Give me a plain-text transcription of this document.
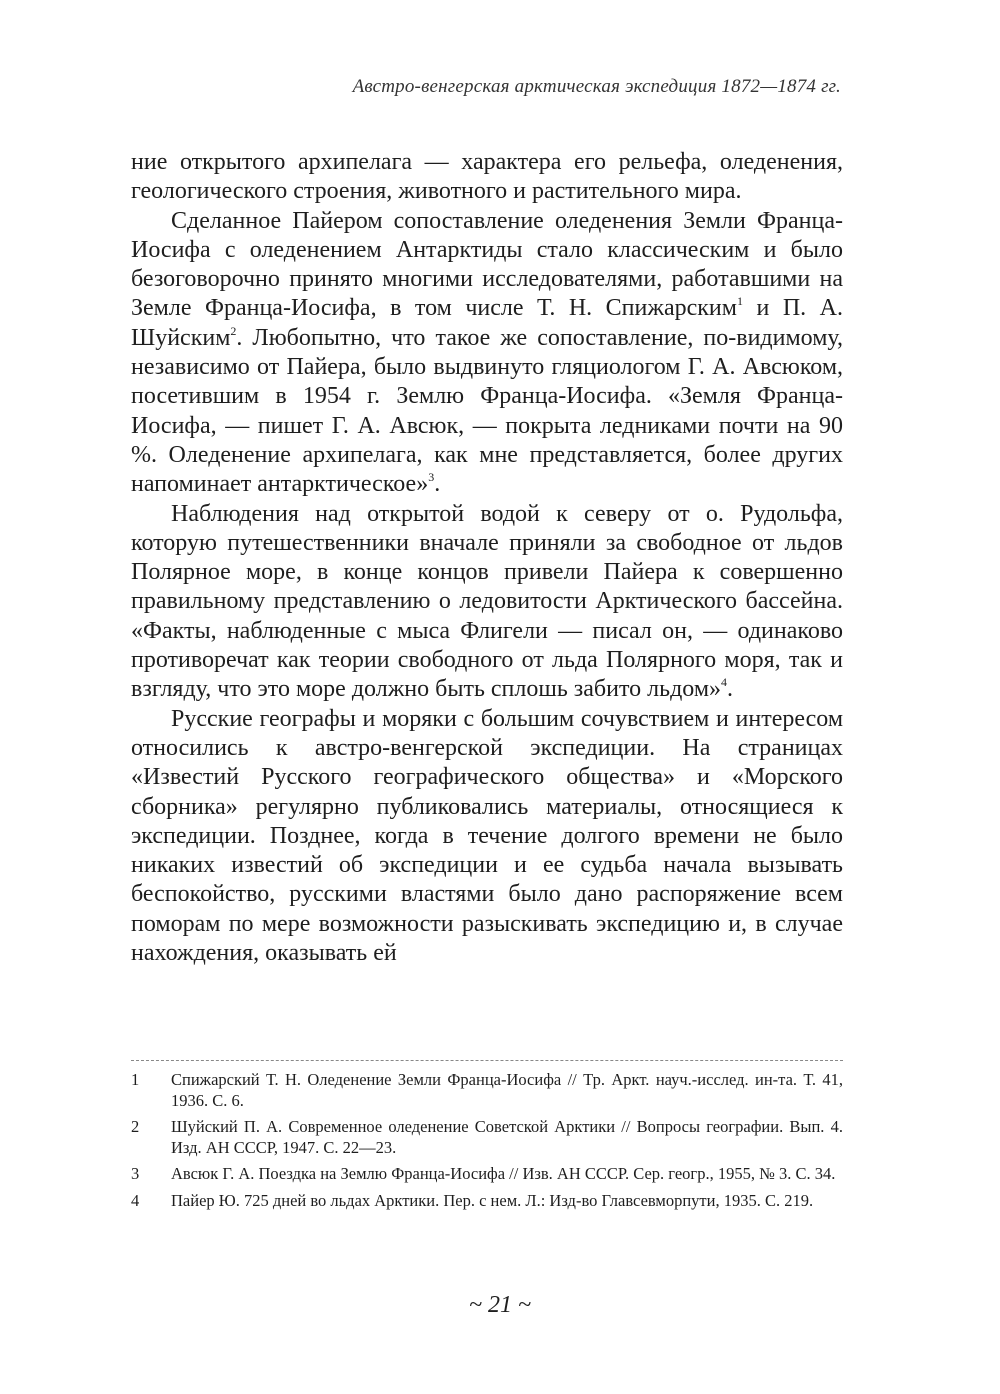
Австро-венгерская арктическая экспедиция 1872—1874 гг.

ние открытого архипелага — характера его рельефа, оледенения, геологического строения, животного и растительного мира.

Сделанное Пайером сопоставление оледенения Земли Франца-Иосифа с оледенением Антарктиды стало классическим и было безоговорочно принято многими исследователями, работавшими на Земле Франца-Иосифа, в том числе Т. Н. Спижарским$^1$ и П. А. Шуйским$^2$. Любопытно, что такое же сопоставление, по-видимому, независимо от Пайера, было выдвинуто гляциологом Г. А. Авсюком, посетившим в 1954 г. Землю Франца-Иосифа. «Земля Франца-Иосифа, — пишет Г. А. Авсюк, — покрыта ледниками почти на 90 %. Оледенение архипелага, как мне представляется, более других напоминает антарктическое»$^3$.

Наблюдения над открытой водой к северу от о. Рудольфа, которую путешественники вначале приняли за свободное от льдов Полярное море, в конце концов привели Пайера к совершенно правильному представлению о ледовитости Арктического бассейна. «Факты, наблюденные с мыса Флигели — писал он, — одинаково противоречат как теории свободного от льда Полярного моря, так и взгляду, что это море должно быть сплошь забито льдом»$^4$.

Русские географы и моряки с большим сочувствием и интересом относились к австро-венгерской экспедиции. На страницах «Известий Русского географического общества» и «Морского сборника» регулярно публиковались материалы, относящиеся к экспедиции. Позднее, когда в течение долгого времени не было никаких известий об экспедиции и ее судьба начала вызывать беспокойство, русскими властями было дано распоряжение всем поморам по мере возможности разыскивать экспедицию и, в случае нахождения, оказывать ей

1	Спижарский Т. Н. Оледенение Земли Франца-Иосифа // Тр. Аркт. науч.-исслед. ин-та. Т. 41, 1936. С. 6.
2	Шуйский П. А. Современное оледенение Советской Арктики // Вопросы географии. Вып. 4. Изд. АН СССР, 1947. С. 22—23.
3	Авсюк Г. А. Поездка на Землю Франца-Иосифа // Изв. АН СССР. Сер. геогр., 1955, № 3. С. 34.
4	Пайер Ю. 725 дней во льдах Арктики. Пер. с нем. Л.: Изд-во Главсевморпути, 1935. С. 219.
~ 21 ~
